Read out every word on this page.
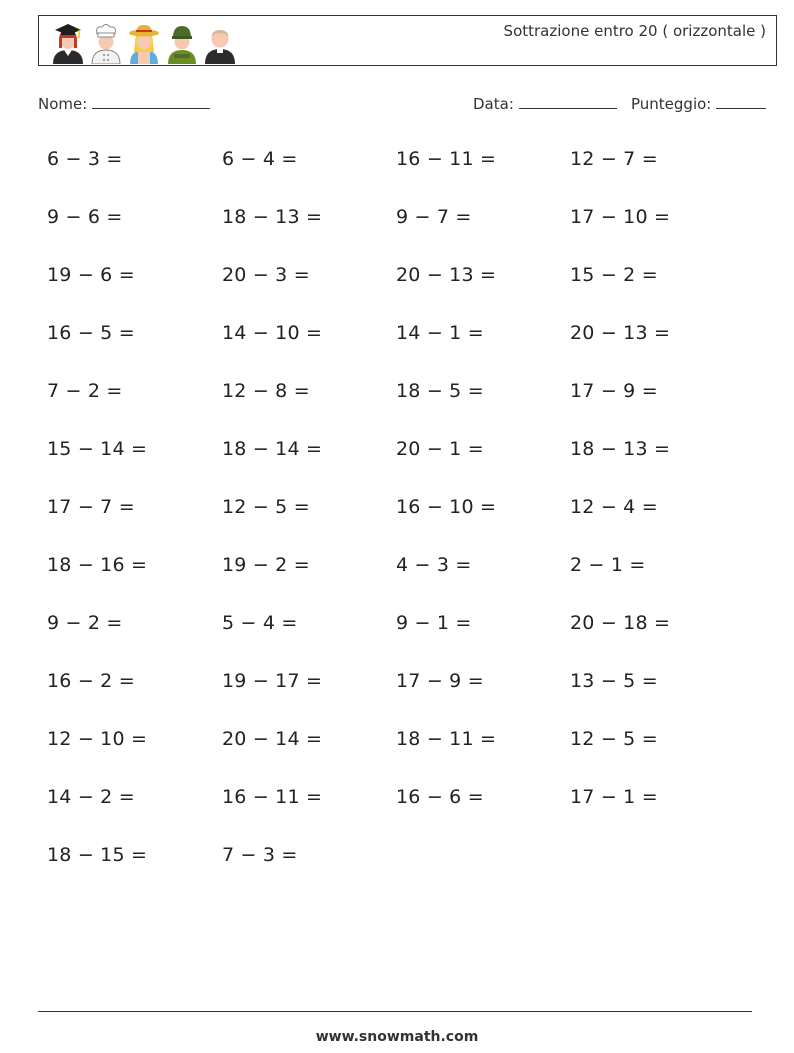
Sottrazione entro 20 ( orizzontale )
Nome:	Data:	Punteggio:
6 − 3 =	6 − 4 =	16 − 11 =	12 − 7 =
9 − 6 =	18 − 13 =	9 − 7 =	17 − 10 =
19 − 6 =	20 − 3 =	20 − 13 =	15 − 2 =
16 − 5 =	14 − 10 =	14 − 1 =	20 − 13 =
7 − 2 =	12 − 8 =	18 − 5 =	17 − 9 =
15 − 14 =	18 − 14 =	20 − 1 =	18 − 13 =
17 − 7 =	12 − 5 =	16 − 10 =	12 − 4 =
18 − 16 =	19 − 2 =	4 − 3 =	2 − 1 =
9 − 2 =	5 − 4 =	9 − 1 =	20 − 18 =
16 − 2 =	19 − 17 =	17 − 9 =	13 − 5 =
12 − 10 =	20 − 14 =	18 − 11 =	12 − 5 =
14 − 2 =	16 − 11 =	16 − 6 =	17 − 1 =
18 − 15 =	7 − 3 =
www.snowmath.com
